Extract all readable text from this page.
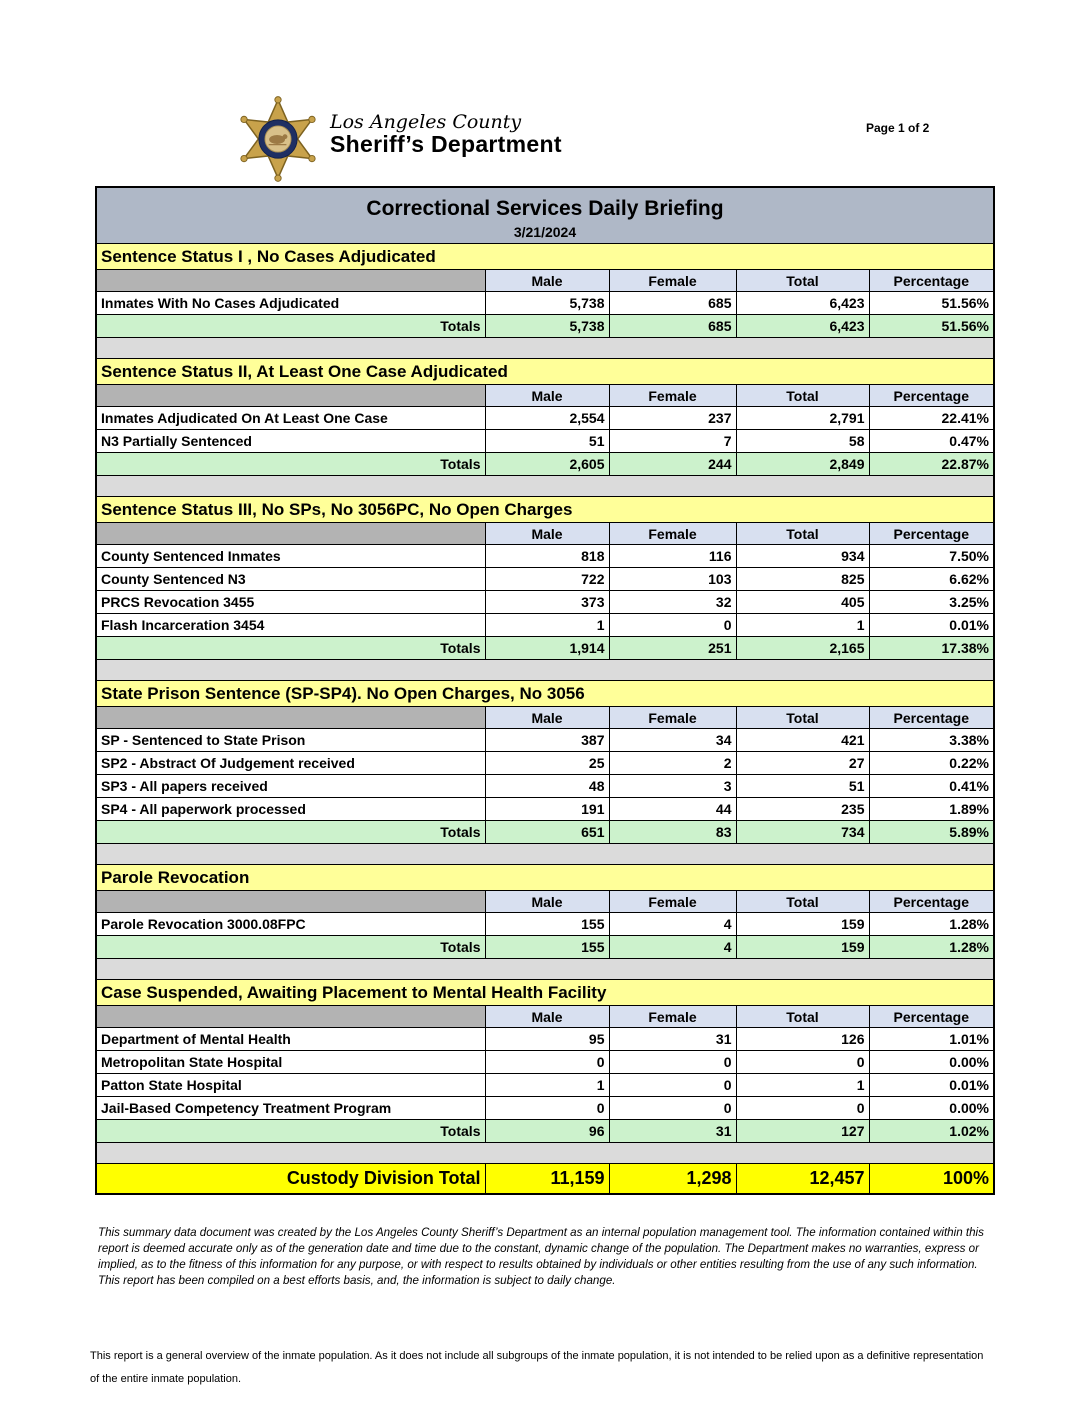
Los Angeles County
Sheriff’s Department
Page 1 of 2
Correctional Services Daily Briefing
3/21/2024				

Sentence Status I , No Cases Adjudicated				
	Male	Female	Total	Percentage
Inmates With No Cases Adjudicated	5,738	685	6,423	51.56%
Totals	5,738	685	6,423	51.56%

Sentence Status II, At Least One Case Adjudicated				
	Male	Female	Total	Percentage
Inmates Adjudicated On At Least One Case	2,554	237	2,791	22.41%
N3 Partially Sentenced	51	7	58	0.47%
Totals	2,605	244	2,849	22.87%

Sentence Status III, No SPs, No 3056PC, No Open Charges				
	Male	Female	Total	Percentage
County Sentenced Inmates	818	116	934	7.50%
County Sentenced N3	722	103	825	6.62%
PRCS Revocation 3455	373	32	405	3.25%
Flash Incarceration 3454	1	0	1	0.01%
Totals	1,914	251	2,165	17.38%

State Prison Sentence (SP-SP4). No Open Charges, No 3056				
	Male	Female	Total	Percentage
SP - Sentenced to State Prison	387	34	421	3.38%
SP2 - Abstract Of Judgement received	25	2	27	0.22%
SP3 - All papers received	48	3	51	0.41%
SP4 - All paperwork processed	191	44	235	1.89%
Totals	651	83	734	5.89%

Parole Revocation				
	Male	Female	Total	Percentage
Parole Revocation 3000.08FPC	155	4	159	1.28%
Totals	155	4	159	1.28%

Case Suspended, Awaiting Placement to Mental Health Facility				
	Male	Female	Total	Percentage
Department of Mental Health	95	31	126	1.01%
Metropolitan State Hospital	0	0	0	0.00%
Patton State Hospital	1	0	1	0.01%
Jail-Based Competency Treatment Program	0	0	0	0.00%
Totals	96	31	127	1.02%

Custody Division Total	11,159	1,298	12,457	100%
This summary data document was created by the Los Angeles County Sheriff’s Department as an internal population management tool. The information contained within this report is deemed accurate only as of the generation date and time due to the constant, dynamic change of the population. The Department makes no warranties, express or implied, as to the fitness of this information for any purpose, or with respect to results obtained by individuals or other entities resulting from the use of any such information. This report has been compiled on a best efforts basis, and, the information is subject to daily change.
This report is a general overview of the inmate population. As it does not include all subgroups of the inmate population, it is not intended to be relied upon as a definitive representation of the entire inmate population.
